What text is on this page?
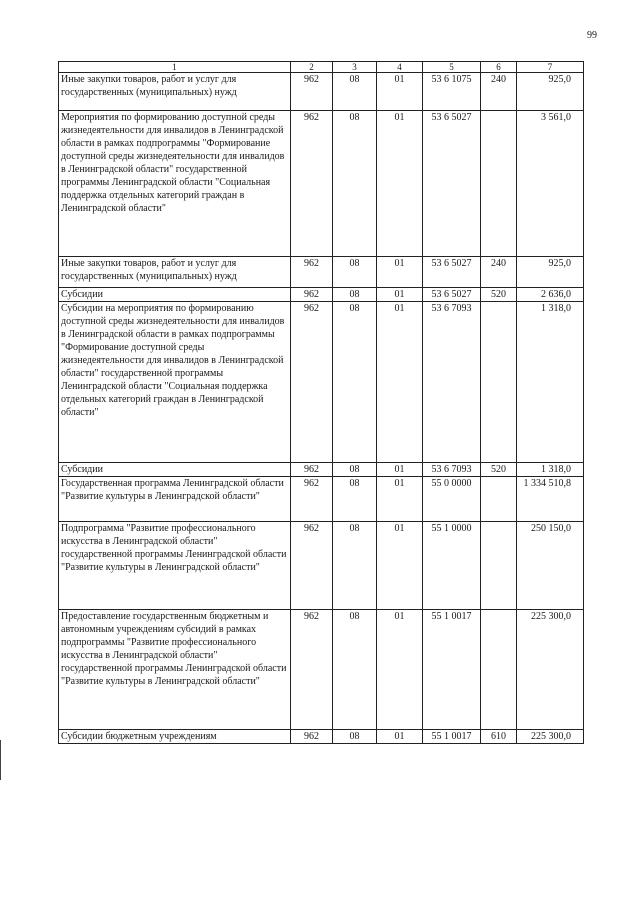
99
1	2	3	4	5	6	7
Иные закупки товаров, работ и услуг для государственных (муниципальных) нужд	962	08	01	53 6 1075	240	925,0
Мероприятия по формированию доступной среды жизнедеятельности для инвалидов в Ленинградской области в рамках подпрограммы "Формирование доступной среды жизнедеятельности для инвалидов в Ленинградской области" государственной программы Ленинградской области "Социальная поддержка отдельных категорий граждан в Ленинградской области"	962	08	01	53 6 5027		3 561,0
Иные закупки товаров, работ и услуг для государственных (муниципальных) нужд	962	08	01	53 6 5027	240	925,0
Субсидии	962	08	01	53 6 5027	520	2 636,0
Субсидии на мероприятия по формированию доступной среды жизнедеятельности для инвалидов в Ленинградской области в рамках подпрограммы "Формирование доступной среды жизнедеятельности для инвалидов в Ленинградской области" государственной программы Ленинградской области "Социальная поддержка отдельных категорий граждан в Ленинградской области"	962	08	01	53 6 7093		1 318,0
Субсидии	962	08	01	53 6 7093	520	1 318,0
Государственная программа Ленинградской области "Развитие культуры в Ленинградской области"	962	08	01	55 0 0000		1 334 510,8
Подпрограмма "Развитие профессионального искусства в Ленинградской области" государственной программы Ленинградской области "Развитие культуры в Ленинградской области"	962	08	01	55 1 0000		250 150,0
Предоставление государственным бюджетным и автономным учреждениям субсидий в рамках подпрограммы "Развитие профессионального искусства в Ленинградской области" государственной программы Ленинградской области "Развитие культуры в Ленинградской области"	962	08	01	55 1 0017		225 300,0
Субсидии бюджетным учреждениям	962	08	01	55 1 0017	610	225 300,0
